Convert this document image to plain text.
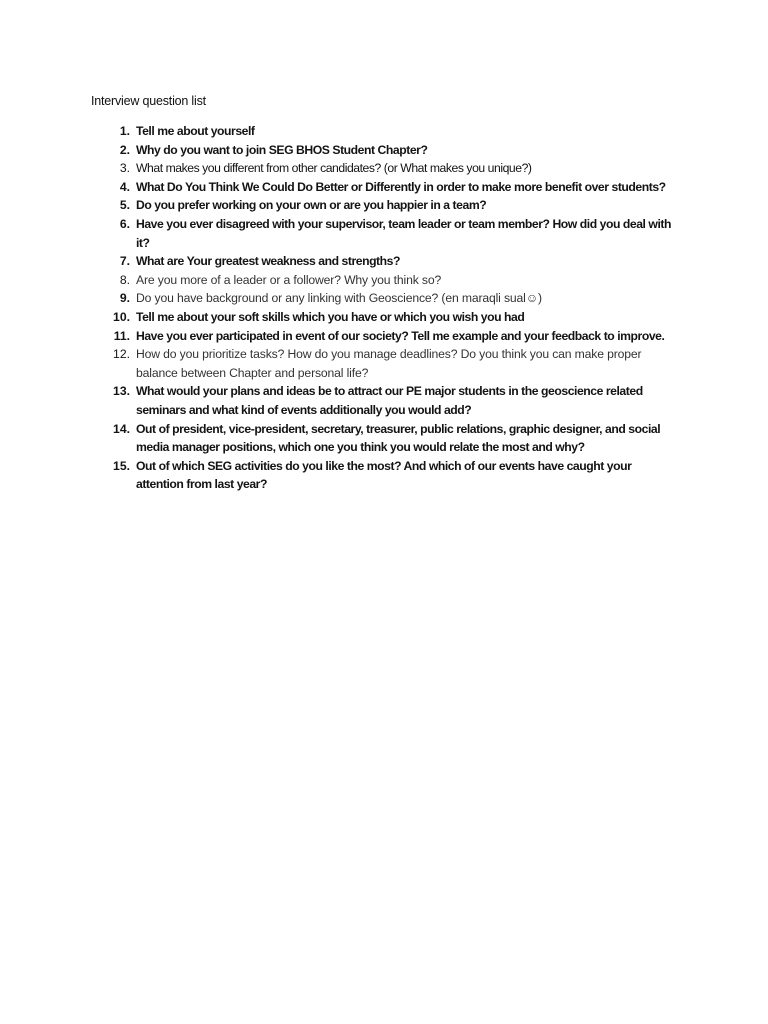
Interview question list
1. Tell me about yourself
2. Why do you want to join SEG BHOS Student Chapter?
3. What makes you different from other candidates? (or What makes you unique?)
4. What Do You Think We Could Do Better or Differently in order to make more benefit over students?
5. Do you prefer working on your own or are you happier in a team?
6. Have you ever disagreed with your supervisor, team leader or team member? How did you deal with it?
7. What are Your greatest weakness and strengths?
8. Are you more of a leader or a follower? Why you think so?
9. Do you have background or any linking with Geoscience? (en maraqli sual☺)
10. Tell me about your soft skills which you have or which you wish you had
11. Have you ever participated in event of our society? Tell me example and your feedback to improve.
12. How do you prioritize tasks? How do you manage deadlines? Do you think you can make proper balance between Chapter and personal life?
13. What would your plans and ideas be to attract our PE major students in the geoscience related seminars and what kind of events additionally you would add?
14. Out of president, vice-president, secretary, treasurer, public relations, graphic designer, and social media manager positions, which one you think you would relate the most and why?
15. Out of which SEG activities do you like the most? And which of our events have caught your attention from last year?
